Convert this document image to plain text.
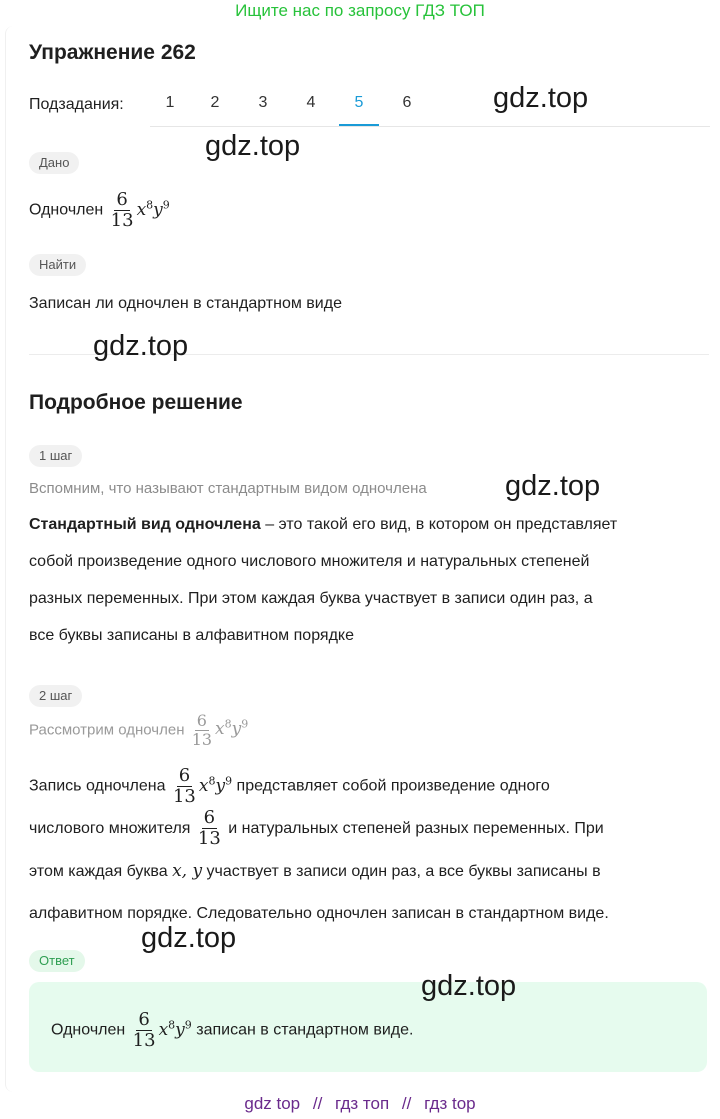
Ищите нас по запросу ГДЗ ТОП
Упражнение 262
Подзадания:	1	2	3	4	5	6
Дано
Одночлен $\frac{6}{13} x^8y^9$
Найти
Записан ли одночлен в стандартном виде
Подробное решение
1 шаг
Вспомним, что называют стандартным видом одночлена
Стандартный вид одночлена – это такой его вид, в котором он представляет
собой произведение одного числового множителя и натуральных степеней
разных переменных. При этом каждая буква участвует в записи один раз, а
все буквы записаны в алфавитном порядке
2 шаг
Рассмотрим одночлен $\frac{6}{13} x^8y^9$
Запись одночлена $\frac{6}{13} x^8y^9$ представляет собой произведение одного
числового множителя $\frac{6}{13}$ и натуральных степеней разных переменных. При
этом каждая буква x, y участвует в записи один раз, а все буквы записаны в
алфавитном порядке. Следовательно одночлен записан в стандартном виде.
Ответ
Одночлен $\frac{6}{13} x^8y^9$ записан в стандартном виде.
gdz.top
gdz.top
gdz.top
gdz.top
gdz.top
gdz.top
gdz top // гдз топ // гдз top
